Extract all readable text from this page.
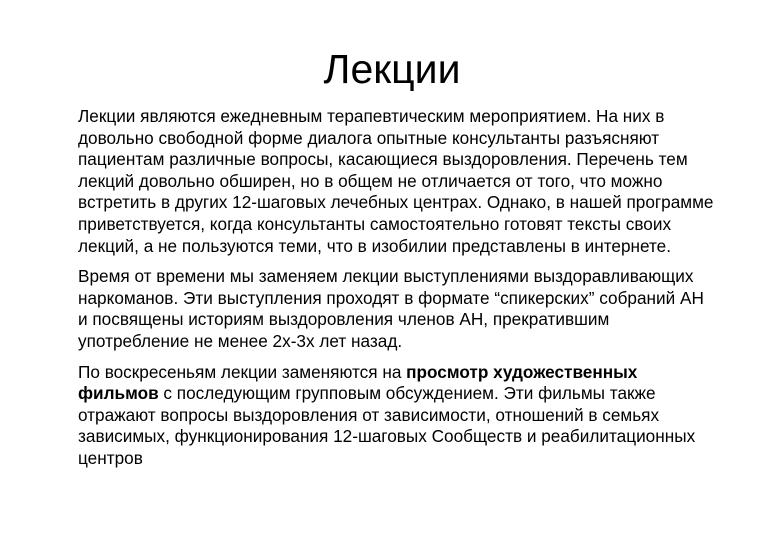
Лекции

Лекции являются ежедневным терапевтическим мероприятием. На них в довольно свободной форме диалога опытные консультанты разъясняют пациентам различные вопросы, касающиеся выздоровления. Перечень тем лекций довольно обширен, но в общем не отличается от того, что можно встретить в других 12-шаговых лечебных центрах. Однако, в нашей программе приветствуется, когда консультанты самостоятельно готовят тексты своих лекций, а не пользуются теми, что в изобилии представлены в интернете.

Время от времени мы заменяем лекции выступлениями выздоравливающих наркоманов. Эти выступления проходят в формате “спикерских” собраний АН и посвящены историям выздоровления членов АН, прекратившим употребление не менее 2х-3х лет назад.

По воскресеньям лекции заменяются на просмотр художественных фильмов с последующим групповым обсуждением. Эти фильмы также отражают вопросы выздоровления от зависимости, отношений в семьях зависимых, функционирования 12-шаговых Сообществ и реабилитационных центров
